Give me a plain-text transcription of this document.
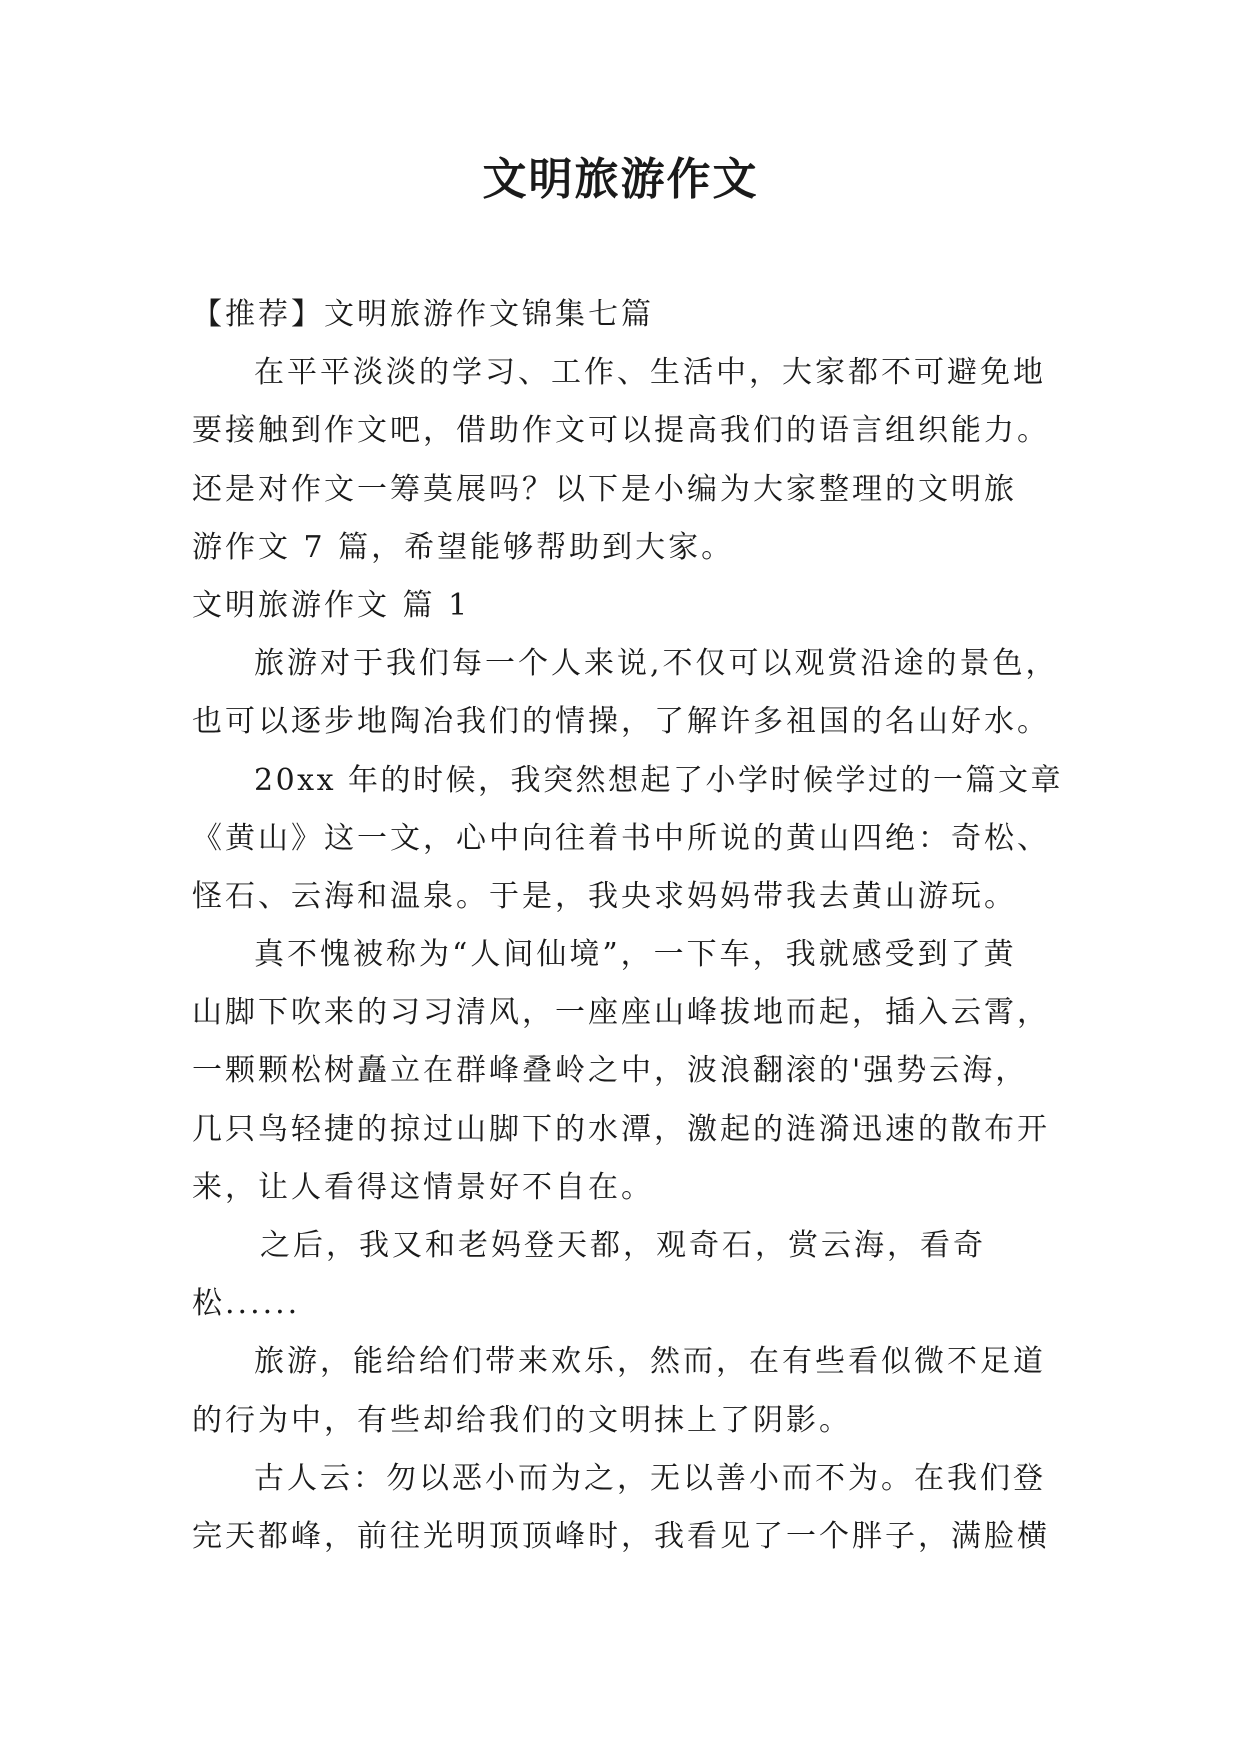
文明旅游作文
【推荐】文明旅游作文锦集七篇
在平平淡淡的学习、工作、生活中，大家都不可避免地
要接触到作文吧，借助作文可以提高我们的语言组织能力。
还是对作文一筹莫展吗？以下是小编为大家整理的文明旅
游作文 7 篇，希望能够帮助到大家。
文明旅游作文 篇 1
旅游对于我们每一个人来说,不仅可以观赏沿途的景色，
也可以逐步地陶冶我们的情操，了解许多祖国的名山好水。
20xx 年的时候，我突然想起了小学时候学过的一篇文章
《黄山》这一文，心中向往着书中所说的黄山四绝：奇松、
怪石、云海和温泉。于是，我央求妈妈带我去黄山游玩。
真不愧被称为“人间仙境”，一下车，我就感受到了黄
山脚下吹来的习习清风，一座座山峰拔地而起，插入云霄，
一颗颗松树矗立在群峰叠岭之中，波浪翻滚的'强势云海，
几只鸟轻捷的掠过山脚下的水潭，激起的涟漪迅速的散布开
来，让人看得这情景好不自在。
之后，我又和老妈登天都，观奇石，赏云海，看奇
松......
旅游，能给给们带来欢乐，然而，在有些看似微不足道
的行为中，有些却给我们的文明抹上了阴影。
古人云：勿以恶小而为之，无以善小而不为。在我们登
完天都峰，前往光明顶顶峰时，我看见了一个胖子，满脸横
